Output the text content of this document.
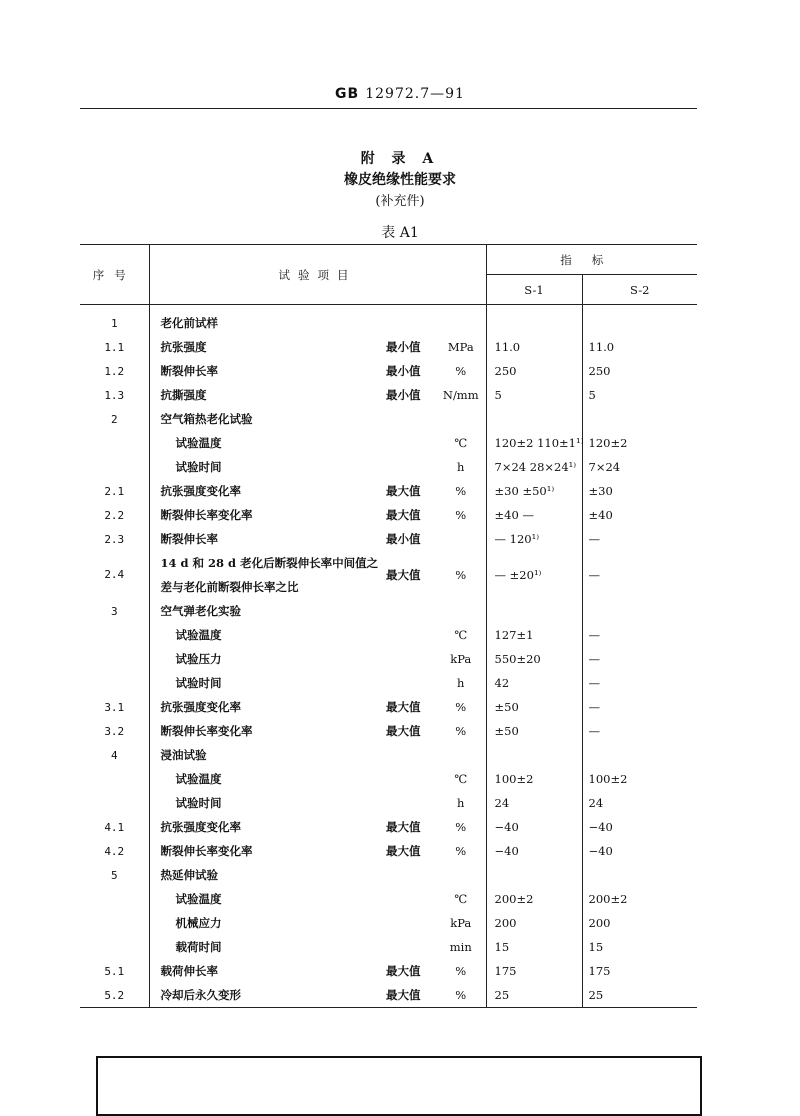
GB 12972.7—91
附 录 A
橡皮绝缘性能要求
(补充件)
表 A1
序号	试验项目			指标	
				S-1	S-2
1	老化前试样				
1.1	抗张强度	最小值	MPa	11.0	11.0
1.2	断裂伸长率	最小值	%	250	250
1.3	抗撕强度	最小值	N/mm	5	5
2	空气箱热老化试验				
	试验温度		℃	120±2 110±1¹⁾	120±2
	试验时间		h	7×24 28×24¹⁾	7×24
2.1	抗张强度变化率	最大值	%	±30 ±50¹⁾	±30
2.2	断裂伸长率变化率	最大值	%	±40 —	±40
2.3	断裂伸长率	最小值		— 120¹⁾	—
2.4	14 d 和 28 d 老化后断裂伸长率中间值之差与老化前断裂伸长率之比	最大值	%	— ±20¹⁾	—
3	空气弹老化实验				
	试验温度		℃	127±1	—
	试验压力		kPa	550±20	—
	试验时间		h	42	—
3.1	抗张强度变化率	最大值	%	±50	—
3.2	断裂伸长率变化率	最大值	%	±50	—
4	浸油试验				
	试验温度		℃	100±2	100±2
	试验时间		h	24	24
4.1	抗张强度变化率	最大值	%	−40	−40
4.2	断裂伸长率变化率	最大值	%	−40	−40
5	热延伸试验				
	试验温度		℃	200±2	200±2
	机械应力		kPa	200	200
	载荷时间		min	15	15
5.1	载荷伸长率	最大值	%	175	175
5.2	冷却后永久变形	最大值	%	25	25
